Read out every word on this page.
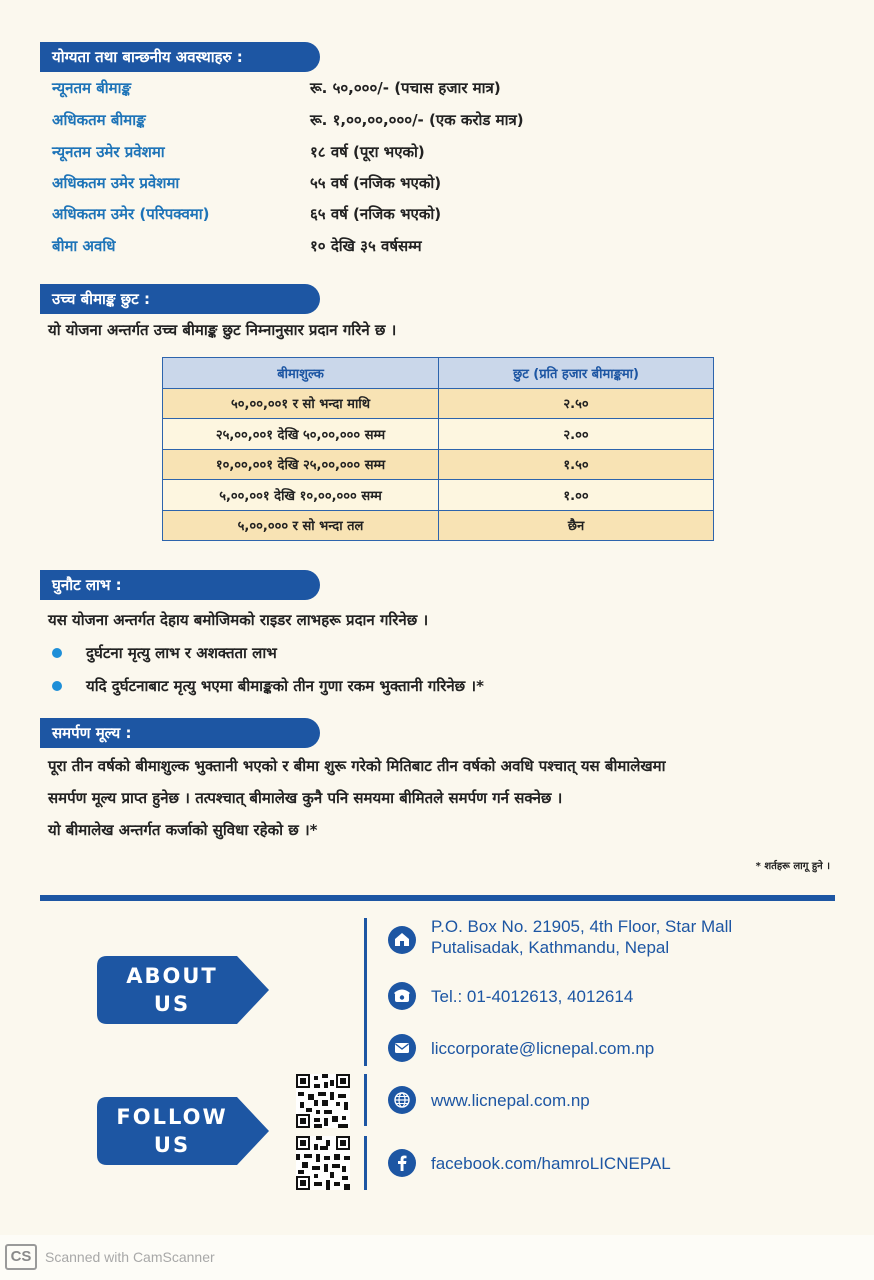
योग्यता तथा बान्छनीय अवस्थाहरु :
न्यूनतम बीमाङ्क	रू. ५०,०००/- (पचास हजार मात्र)
अधिकतम बीमाङ्क	रू. १,००,००,०००/- (एक करोड मात्र)
न्यूनतम उमेर प्रवेशमा	१८ वर्ष (पूरा भएको)
अधिकतम उमेर प्रवेशमा	५५ वर्ष (नजिक भएको)
अधिकतम उमेर (परिपक्वमा)	६५ वर्ष (नजिक भएको)
बीमा अवधि	१० देखि ३५ वर्षसम्म
उच्च बीमाङ्क छुट :
यो योजना अन्तर्गत उच्च बीमाङ्क छुट निम्नानुसार प्रदान गरिने छ ।
बीमाशुल्क	छुट (प्रति हजार बीमाङ्कमा)
५०,००,००१ र सो भन्दा माथि	२.५०
२५,००,००१ देखि ५०,००,००० सम्म	२.००
१०,००,००१ देखि २५,००,००० सम्म	१.५०
५,००,००१ देखि १०,००,००० सम्म	१.००
५,००,००० र सो भन्दा तल	छैन
घुनौट लाभ :
यस योजना अन्तर्गत देहाय बमोजिमको राइडर लाभहरू प्रदान गरिनेछ ।
दुर्घटना मृत्यु लाभ र अशक्तता लाभ
यदि दुर्घटनाबाट मृत्यु भएमा बीमाङ्कको तीन गुणा रकम भुक्तानी गरिनेछ ।*
समर्पण मूल्य :
पूरा तीन वर्षको बीमाशुल्क भुक्तानी भएको र बीमा शुरू गरेको मितिबाट तीन वर्षको अवधि पश्चात् यस बीमालेखमा
समर्पण मूल्य प्राप्त हुनेछ । तत्पश्चात् बीमालेख कुनै पनि समयमा बीमितले समर्पण गर्न सक्नेछ ।
यो बीमालेख अन्तर्गत कर्जाको सुविधा रहेको छ ।*
* शर्तहरू लागू हुने ।
ABOUT
US
FOLLOW
US
P.O. Box No. 21905, 4th Floor, Star Mall
Putalisadak, Kathmandu, Nepal
Tel.: 01-4012613, 4012614
liccorporate@licnepal.com.np
www.licnepal.com.np
facebook.com/hamroLICNEPAL
CS Scanned with CamScanner
